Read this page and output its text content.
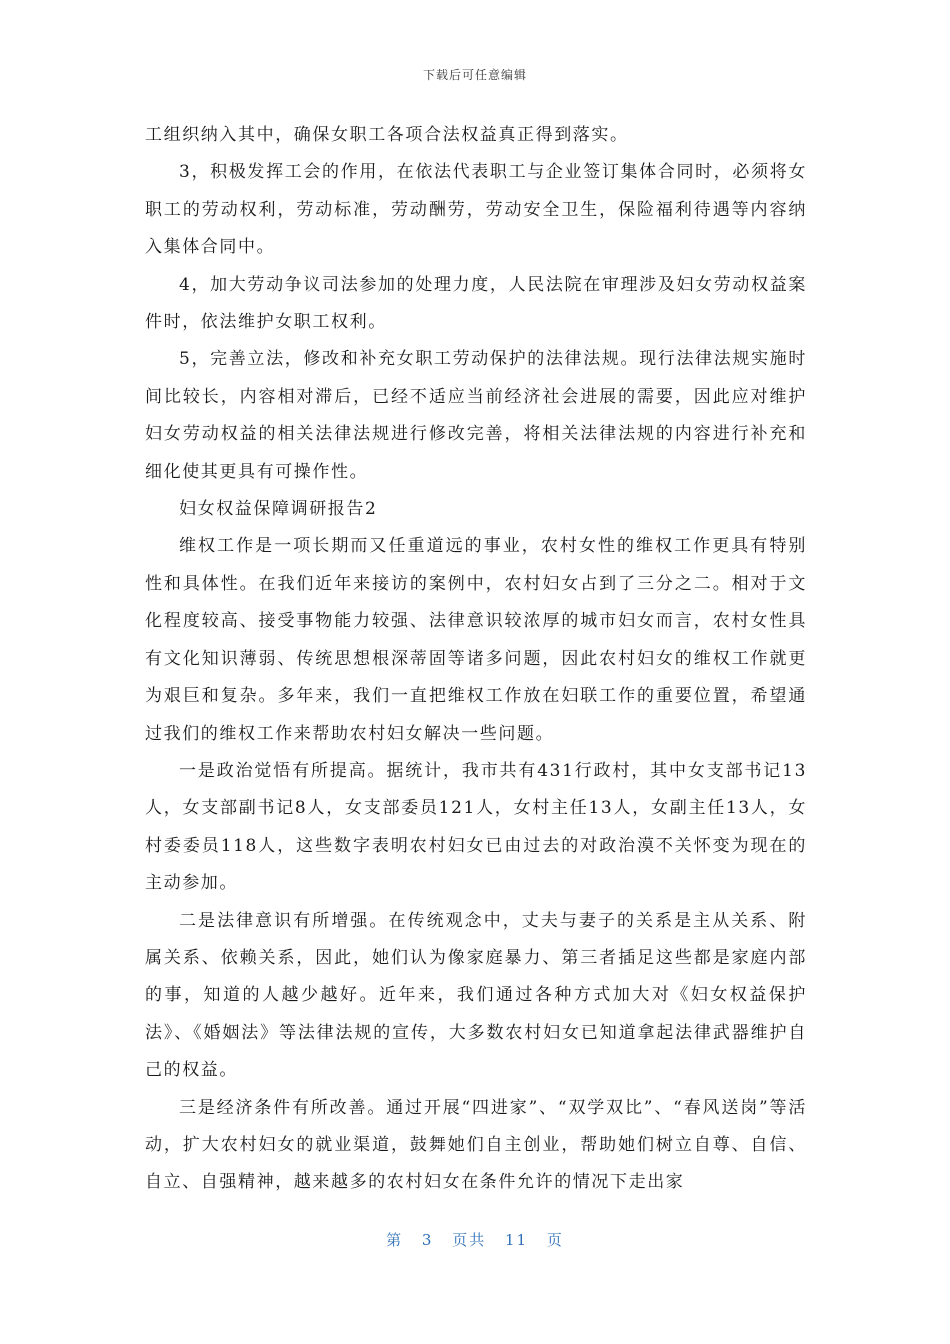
下载后可任意编辑

工组织纳入其中，确保女职工各项合法权益真正得到落实。

3，积极发挥工会的作用，在依法代表职工与企业签订集体合同时，必须将女职工的劳动权利，劳动标准，劳动酬劳，劳动安全卫生，保险福利待遇等内容纳入集体合同中。

4，加大劳动争议司法参加的处理力度，人民法院在审理涉及妇女劳动权益案件时，依法维护女职工权利。

5，完善立法，修改和补充女职工劳动保护的法律法规。现行法律法规实施时间比较长，内容相对滞后，已经不适应当前经济社会进展的需要，因此应对维护妇女劳动权益的相关法律法规进行修改完善，将相关法律法规的内容进行补充和细化使其更具有可操作性。

妇女权益保障调研报告2

维权工作是一项长期而又任重道远的事业，农村女性的维权工作更具有特别性和具体性。在我们近年来接访的案例中，农村妇女占到了三分之二。相对于文化程度较高、接受事物能力较强、法律意识较浓厚的城市妇女而言，农村女性具有文化知识薄弱、传统思想根深蒂固等诸多问题，因此农村妇女的维权工作就更为艰巨和复杂。多年来，我们一直把维权工作放在妇联工作的重要位置，希望通过我们的维权工作来帮助农村妇女解决一些问题。

一是政治觉悟有所提高。据统计，我市共有431行政村，其中女支部书记13人，女支部副书记8人，女支部委员121人，女村主任13人，女副主任13人，女村委委员118人，这些数字表明农村妇女已由过去的对政治漠不关怀变为现在的主动参加。

二是法律意识有所增强。在传统观念中，丈夫与妻子的关系是主从关系、附属关系、依赖关系，因此，她们认为像家庭暴力、第三者插足这些都是家庭内部的事，知道的人越少越好。近年来，我们通过各种方式加大对《妇女权益保护法》、《婚姻法》等法律法规的宣传，大多数农村妇女已知道拿起法律武器维护自己的权益。

三是经济条件有所改善。通过开展“四进家”、“双学双比”、“春风送岗”等活动，扩大农村妇女的就业渠道，鼓舞她们自主创业，帮助她们树立自尊、自信、自立、自强精神，越来越多的农村妇女在条件允许的情况下走出家

第 3 页共 11 页
